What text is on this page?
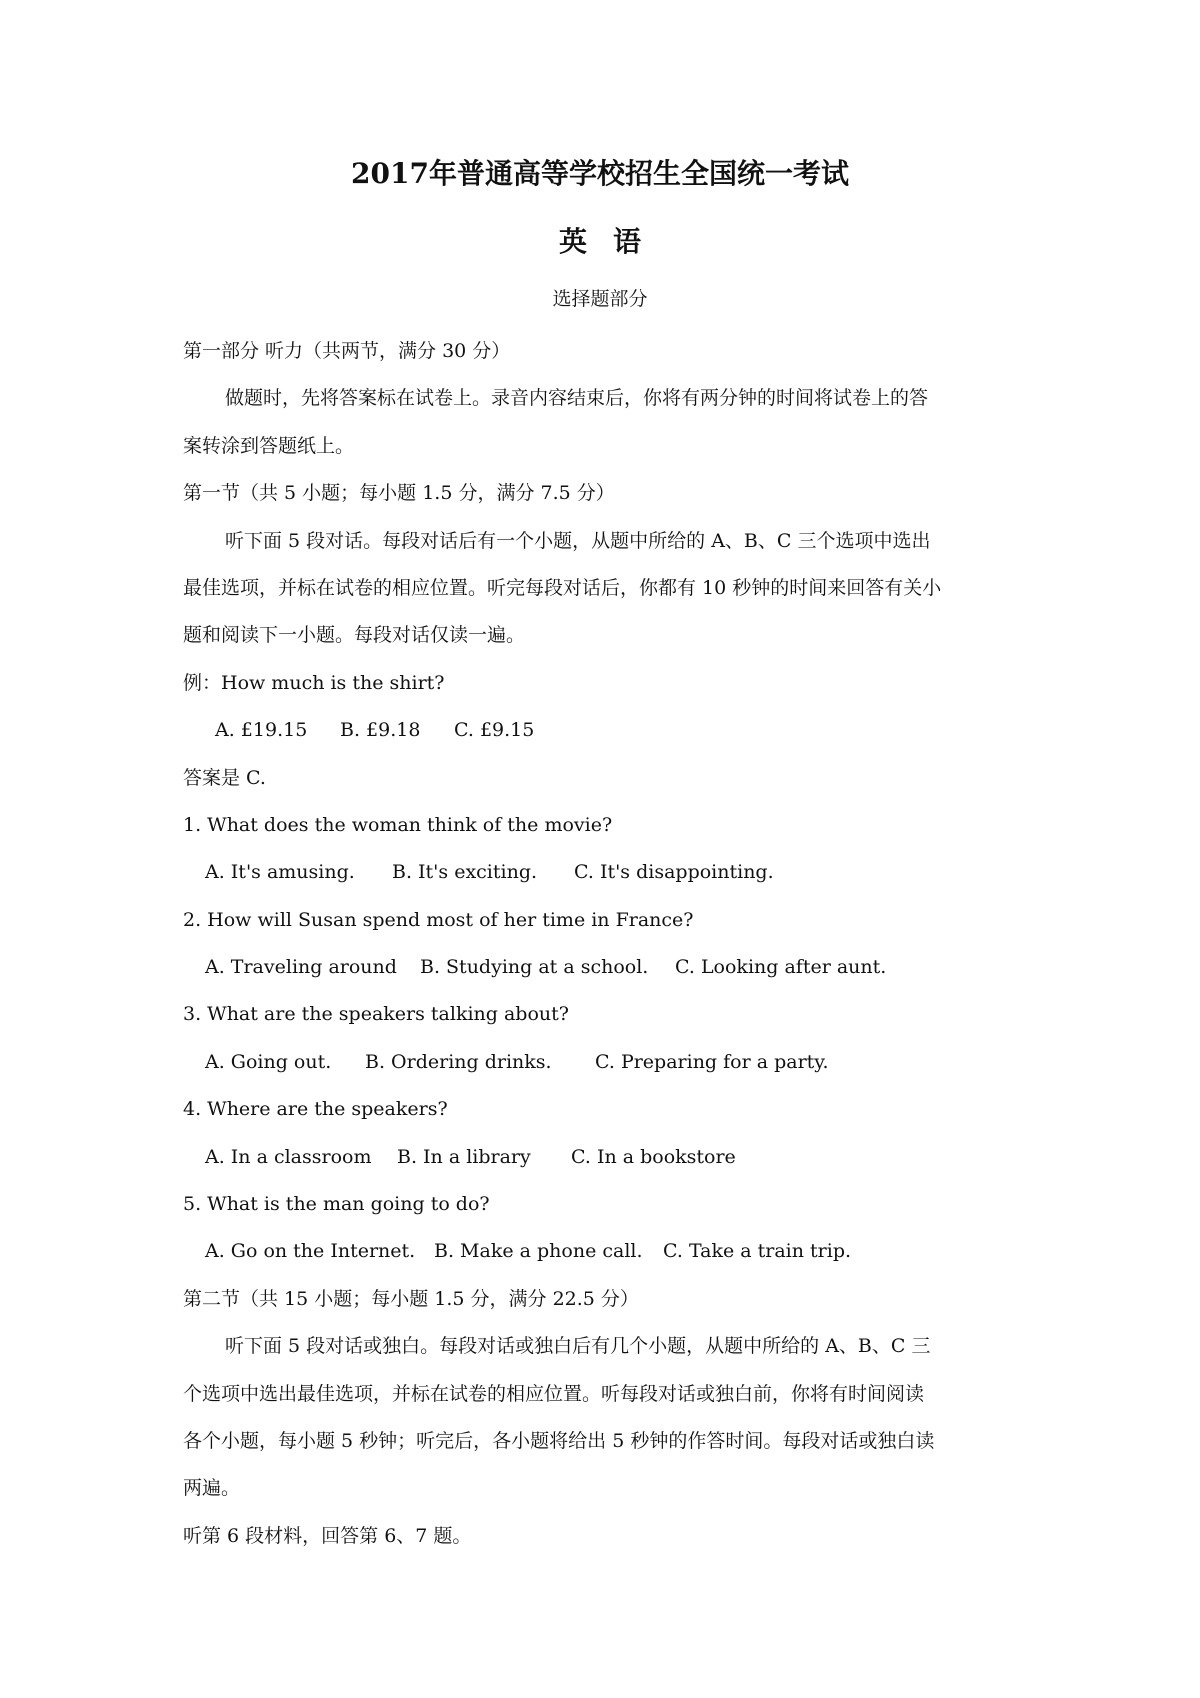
2017年普通高等学校招生全国统一考试
英语
选择题部分
第一部分 听力（共两节，满分 30 分）
做题时，先将答案标在试卷上。录音内容结束后，你将有两分钟的时间将试卷上的答
案转涂到答题纸上。
第一节（共 5 小题；每小题 1.5 分，满分 7.5 分）
听下面 5 段对话。每段对话后有一个小题，从题中所给的 A、B、C 三个选项中选出
最佳选项，并标在试卷的相应位置。听完每段对话后，你都有 10 秒钟的时间来回答有关小
题和阅读下一小题。每段对话仅读一遍。
例：How much is the shirt?
A. £19.15 B. £9.18 C. £9.15
答案是 C.
1. What does the woman think of the movie?
A. It's amusing. B. It's exciting. C. It's disappointing.
2. How will Susan spend most of her time in France?
A. Traveling around B. Studying at a school. C. Looking after aunt.
3. What are the speakers talking about?
A. Going out. B. Ordering drinks. C. Preparing for a party.
4. Where are the speakers?
A. In a classroom B. In a library C. In a bookstore
5. What is the man going to do?
A. Go on the Internet. B. Make a phone call. C. Take a train trip.
第二节（共 15 小题；每小题 1.5 分，满分 22.5 分）
听下面 5 段对话或独白。每段对话或独白后有几个小题，从题中所给的 A、B、C 三
个选项中选出最佳选项，并标在试卷的相应位置。听每段对话或独白前，你将有时间阅读
各个小题，每小题 5 秒钟；听完后，各小题将给出 5 秒钟的作答时间。每段对话或独白读
两遍。
听第 6 段材料，回答第 6、7 题。
